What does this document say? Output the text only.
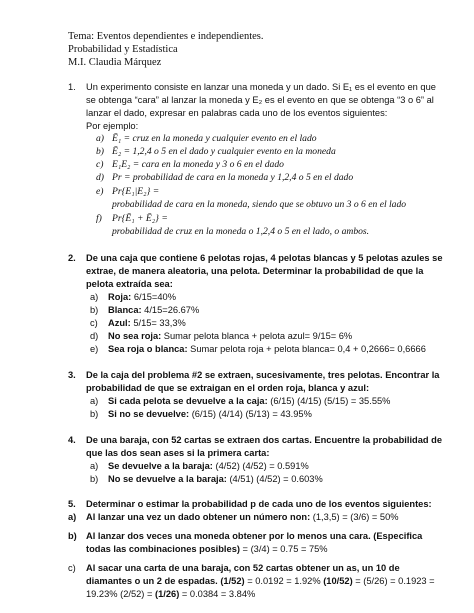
Tema: Eventos dependientes e independientes.
Probabilidad y Estadística
M.I. Claudia Márquez
1. Un experimento consiste en lanzar una moneda y un dado. Si E₁ es el evento en que
se obtenga “cara” al lanzar la moneda y E₂ es el evento en que se obtenga “3 o 6” al
lanzar el dado, expresar en palabras cada uno de los eventos siguientes:
Por ejemplo:
a) Ē₁ = cruz en la moneda y cualquier evento en el lado
b) Ē₂ = 1,2,4 o 5 en el dado y cualquier evento en la moneda
c) E₁E₂ = cara en la moneda y 3 o 6 en el dado
d) Pr = probabilidad de cara en la moneda y 1,2,4 o 5 en el dado
e) Pr{E₁|E₂} =
probabilidad de cara en la moneda, siendo que se obtuvo un 3 o 6 en el lado
f) Pr{Ē₁ + Ē₂} =
probabilidad de cruz en la moneda o 1,2,4 o 5 en el lado, o ambos.
2. De una caja que contiene 6 pelotas rojas, 4 pelotas blancas y 5 pelotas azules se
extrae, de manera aleatoria, una pelota. Determinar la probabilidad de que la
pelota extraída sea:
a) Roja: 6/15=40%
b) Blanca: 4/15=26.67%
c) Azul: 5/15= 33,3%
d) No sea roja: Sumar pelota blanca + pelota azul= 9/15= 6%
e) Sea roja o blanca: Sumar pelota roja + pelota blanca= 0,4 + 0,2666= 0,6666
3. De la caja del problema #2 se extraen, sucesivamente, tres pelotas. Encontrar la
probabilidad de que se extraigan en el orden roja, blanca y azul:
a) Si cada pelota se devuelve a la caja: (6/15) (4/15) (5/15) = 35.55%
b) Si no se devuelve: (6/15) (4/14) (5/13) = 43.95%
4. De una baraja, con 52 cartas se extraen dos cartas. Encuentre la probabilidad de
que las dos sean ases si la primera carta:
a) Se devuelve a la baraja: (4/52) (4/52) = 0.591%
b) No se devuelve a la baraja: (4/51) (4/52) = 0.603%
5. Determinar o estimar la probabilidad p de cada uno de los eventos siguientes:
a) Al lanzar una vez un dado obtener un número non: (1,3,5) = (3/6) = 50%
b) Al lanzar dos veces una moneda obtener por lo menos una cara. (Especifica
todas las combinaciones posibles) = (3/4) = 0.75 = 75%
c) Al sacar una carta de una baraja, con 52 cartas obtener un as, un 10 de
diamantes o un 2 de espadas. (1/52) = 0.0192 = 1.92% (10/52) = (5/26) = 0.1923 =
19.23% (2/52) = (1/26) = 0.0384 = 3.84%
